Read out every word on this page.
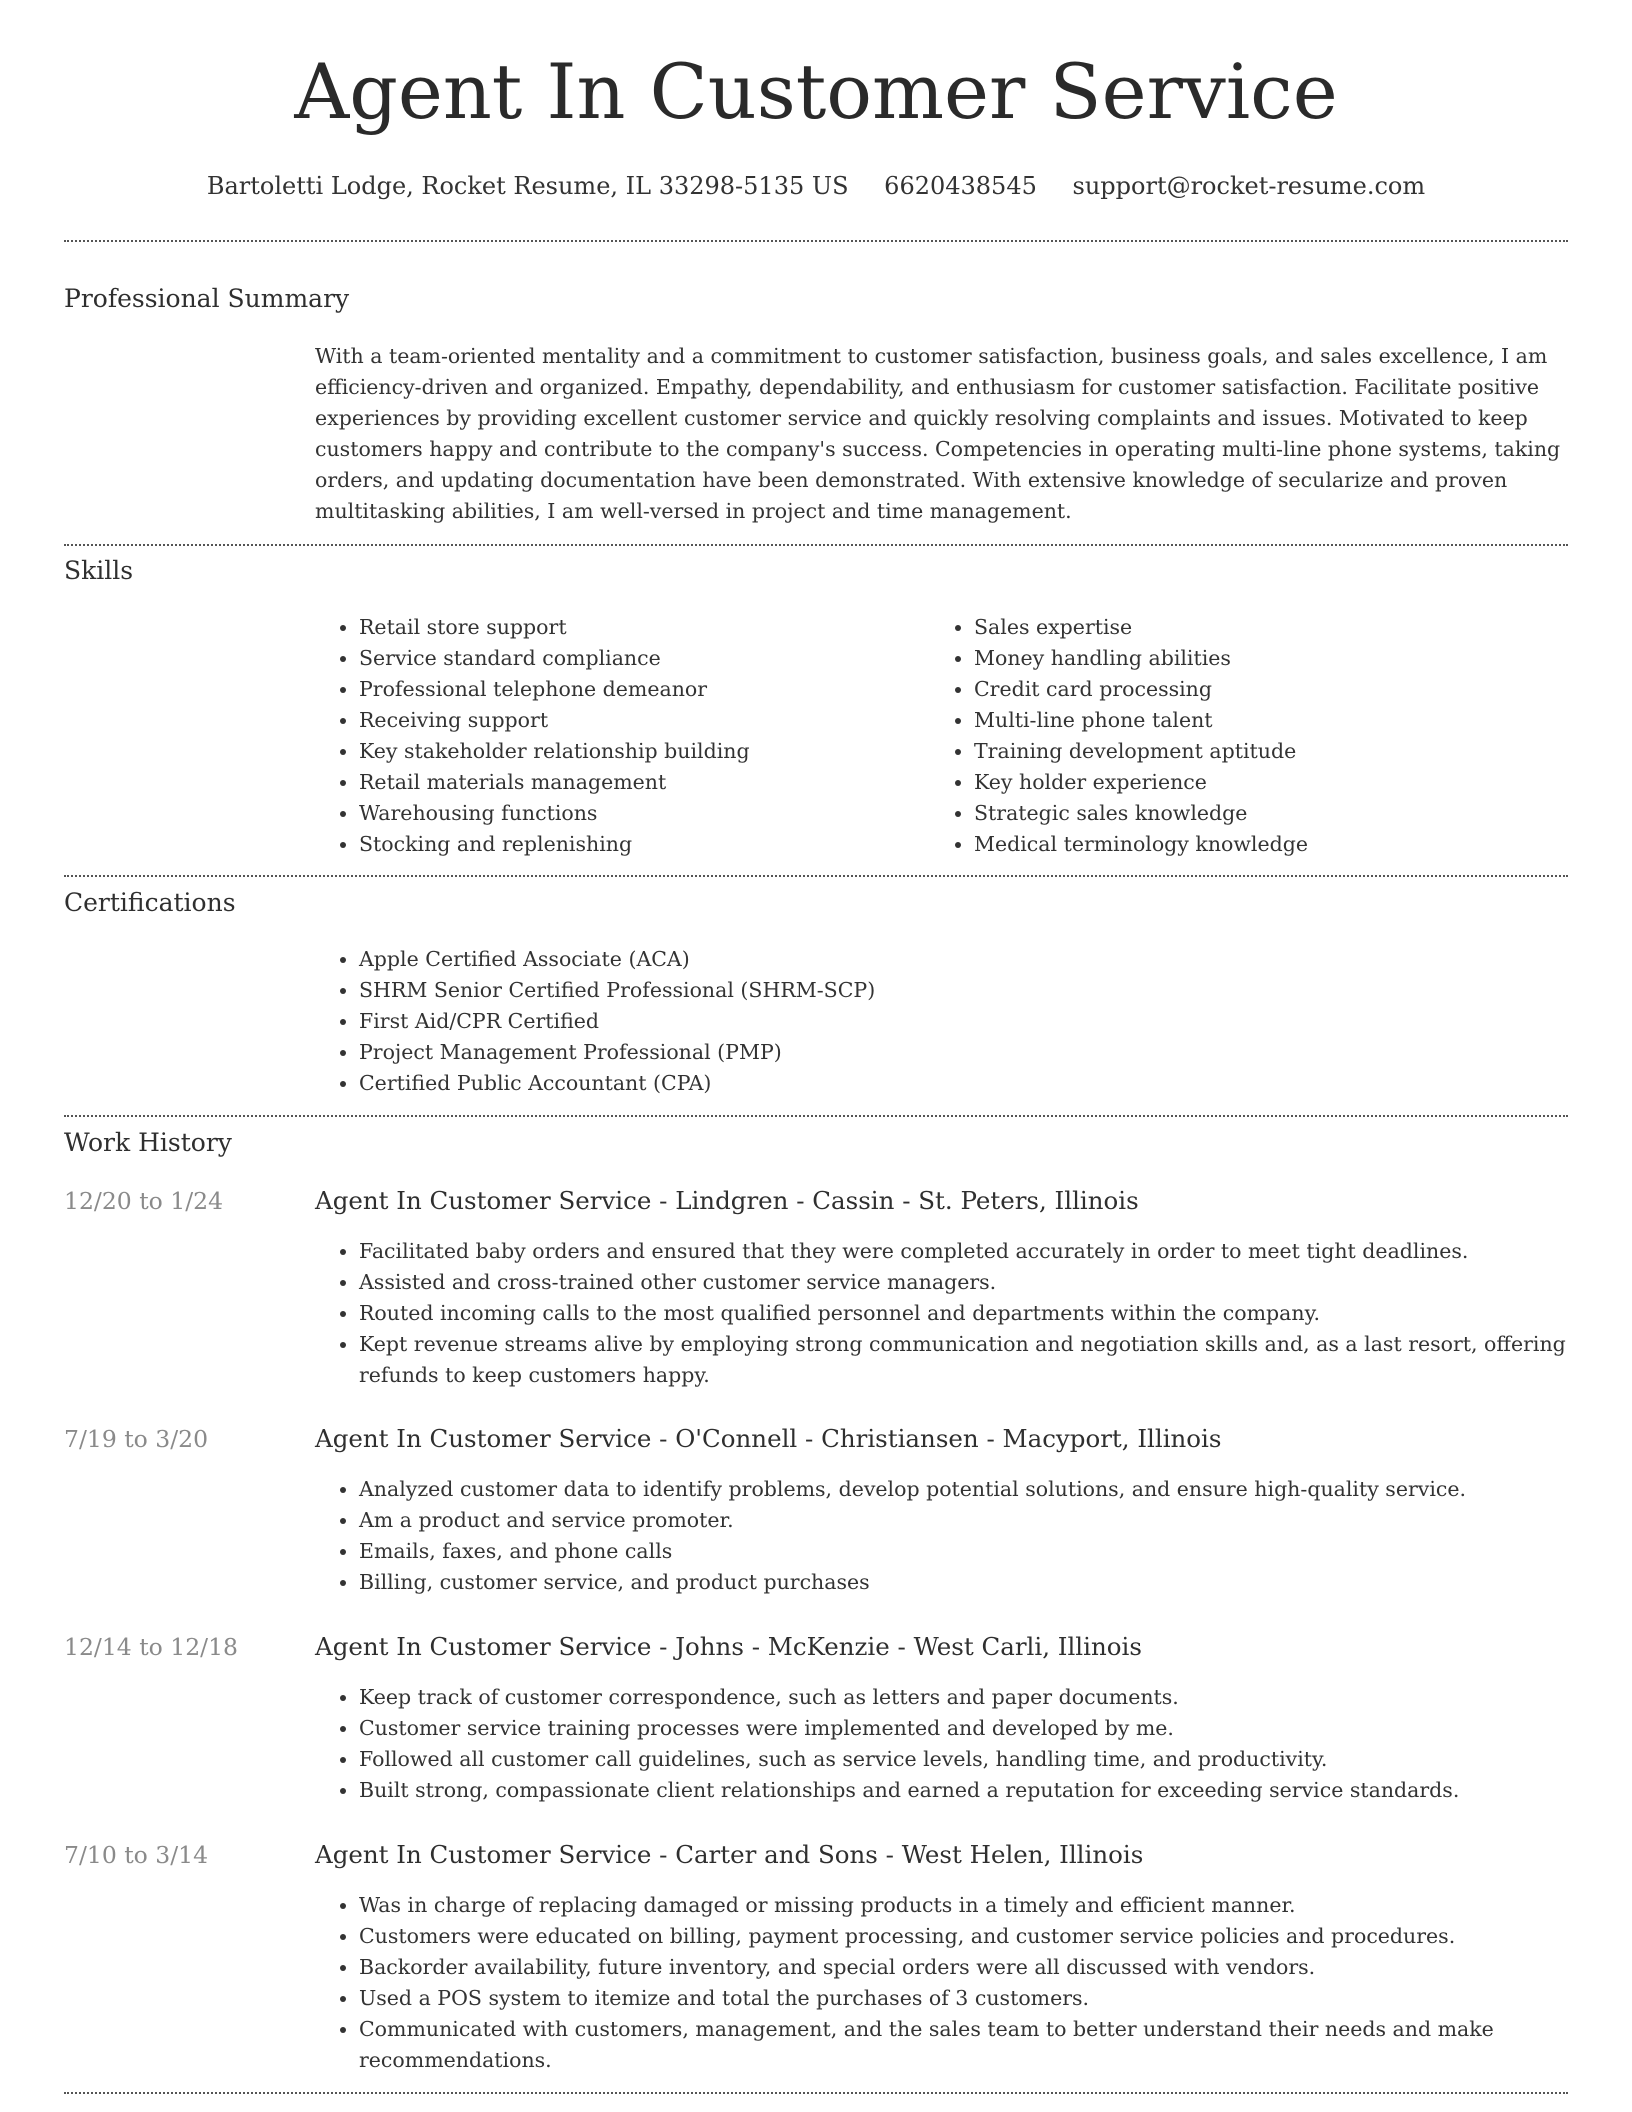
Agent In Customer Service
Bartoletti Lodge, Rocket Resume, IL 33298-5135 US 6620438545 support@rocket-resume.com
Professional Summary

With a team-oriented mentality and a commitment to customer satisfaction, business goals, and sales excellence, I am efficiency-driven and organized. Empathy, dependability, and enthusiasm for customer satisfaction. Facilitate positive experiences by providing excellent customer service and quickly resolving complaints and issues. Motivated to keep customers happy and contribute to the company's success. Competencies in operating multi-line phone systems, taking orders, and updating documentation have been demonstrated. With extensive knowledge of secularize and proven multitasking abilities, I am well-versed in project and time management.

Skills
• Retail store support
• Service standard compliance
• Professional telephone demeanor
• Receiving support
• Key stakeholder relationship building
• Retail materials management
• Warehousing functions
• Stocking and replenishing
• Sales expertise
• Money handling abilities
• Credit card processing
• Multi-line phone talent
• Training development aptitude
• Key holder experience
• Strategic sales knowledge
• Medical terminology knowledge
Certifications
• Apple Certified Associate (ACA)
• SHRM Senior Certified Professional (SHRM-SCP)
• First Aid/CPR Certified
• Project Management Professional (PMP)
• Certified Public Accountant (CPA)
Work History
12/20 to 1/24	Agent In Customer Service - Lindgren - Cassin - St. Peters, Illinois
• Facilitated baby orders and ensured that they were completed accurately in order to meet tight deadlines.
• Assisted and cross-trained other customer service managers.
• Routed incoming calls to the most qualified personnel and departments within the company.
• Kept revenue streams alive by employing strong communication and negotiation skills and, as a last resort, offering refunds to keep customers happy.
7/19 to 3/20	Agent In Customer Service - O'Connell - Christiansen - Macyport, Illinois
• Analyzed customer data to identify problems, develop potential solutions, and ensure high-quality service.
• Am a product and service promoter.
• Emails, faxes, and phone calls
• Billing, customer service, and product purchases
12/14 to 12/18	Agent In Customer Service - Johns - McKenzie - West Carli, Illinois
• Keep track of customer correspondence, such as letters and paper documents.
• Customer service training processes were implemented and developed by me.
• Followed all customer call guidelines, such as service levels, handling time, and productivity.
• Built strong, compassionate client relationships and earned a reputation for exceeding service standards.
7/10 to 3/14	Agent In Customer Service - Carter and Sons - West Helen, Illinois
• Was in charge of replacing damaged or missing products in a timely and efficient manner.
• Customers were educated on billing, payment processing, and customer service policies and procedures.
• Backorder availability, future inventory, and special orders were all discussed with vendors.
• Used a POS system to itemize and total the purchases of 3 customers.
• Communicated with customers, management, and the sales team to better understand their needs and make recommendations.
